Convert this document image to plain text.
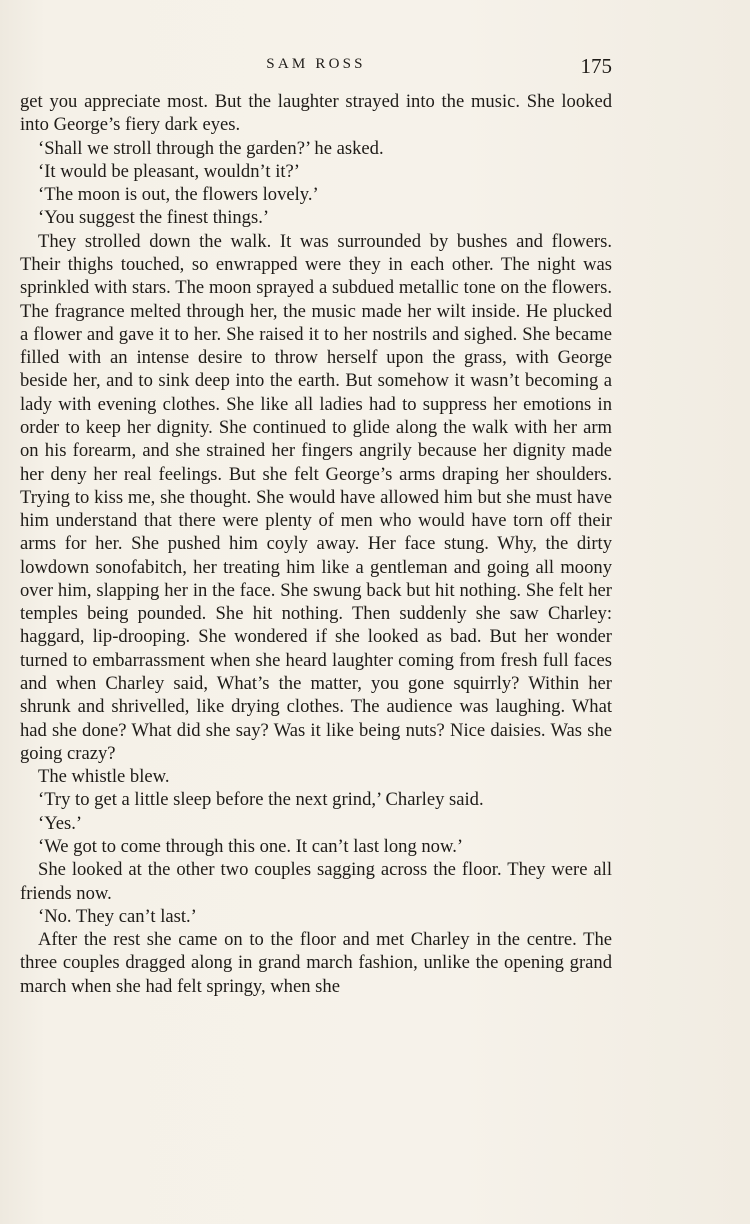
SAM ROSS	175

get you appreciate most. But the laughter strayed into the music. She looked into George’s fiery dark eyes.

‘Shall we stroll through the garden?’ he asked.

‘It would be pleasant, wouldn’t it?’

‘The moon is out, the flowers lovely.’

‘You suggest the finest things.’

They strolled down the walk. It was surrounded by bushes and flowers. Their thighs touched, so enwrapped were they in each other. The night was sprinkled with stars. The moon sprayed a subdued metallic tone on the flowers. The fragrance melted through her, the music made her wilt inside. He plucked a flower and gave it to her. She raised it to her nostrils and sighed. She became filled with an intense desire to throw herself upon the grass, with George beside her, and to sink deep into the earth. But somehow it wasn’t becoming a lady with evening clothes. She like all ladies had to suppress her emotions in order to keep her dignity. She continued to glide along the walk with her arm on his forearm, and she strained her fingers angrily because her dignity made her deny her real feelings. But she felt George’s arms draping her shoulders. Trying to kiss me, she thought. She would have allowed him but she must have him understand that there were plenty of men who would have torn off their arms for her. She pushed him coyly away. Her face stung. Why, the dirty lowdown sonofabitch, her treating him like a gentleman and going all moony over him, slapping her in the face. She swung back but hit nothing. She felt her temples being pounded. She hit nothing. Then suddenly she saw Charley: haggard, lip-drooping. She wondered if she looked as bad. But her wonder turned to embarrassment when she heard laughter coming from fresh full faces and when Charley said, What’s the matter, you gone squirrly? Within her shrunk and shrivelled, like drying clothes. The audience was laughing. What had she done? What did she say? Was it like being nuts? Nice daisies. Was she going crazy?

The whistle blew.

‘Try to get a little sleep before the next grind,’ Charley said.

‘Yes.’

‘We got to come through this one. It can’t last long now.’

She looked at the other two couples sagging across the floor. They were all friends now.

‘No. They can’t last.’

After the rest she came on to the floor and met Charley in the centre. The three couples dragged along in grand march fashion, unlike the opening grand march when she had felt springy, when she
